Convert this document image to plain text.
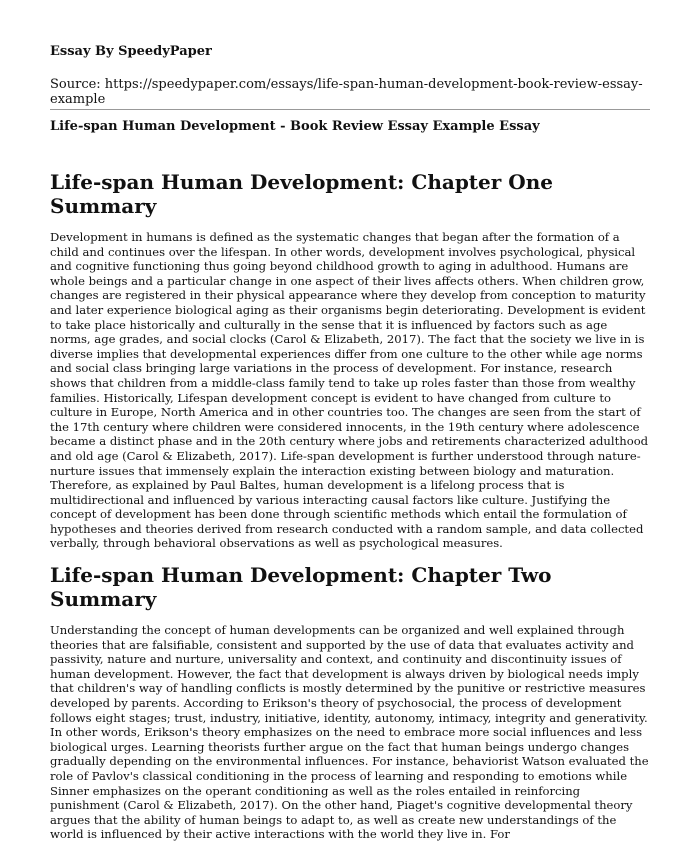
Essay By SpeedyPaper
Source: https://speedypaper.com/essays/life-span-human-development-book-review-essay-example
Life-span Human Development - Book Review Essay Example Essay
Life-span Human Development: Chapter One Summary

Development in humans is defined as the systematic changes that began after the formation of a child and continues over the lifespan. In other words, development involves psychological, physical and cognitive functioning thus going beyond childhood growth to aging in adulthood. Humans are whole beings and a particular change in one aspect of their lives affects others. When children grow, changes are registered in their physical appearance where they develop from conception to maturity and later experience biological aging as their organisms begin deteriorating. Development is evident to take place historically and culturally in the sense that it is influenced by factors such as age norms, age grades, and social clocks (Carol & Elizabeth, 2017). The fact that the society we live in is diverse implies that developmental experiences differ from one culture to the other while age norms and social class bringing large variations in the process of development. For instance, research shows that children from a middle-class family tend to take up roles faster than those from wealthy families. Historically, Lifespan development concept is evident to have changed from culture to culture in Europe, North America and in other countries too. The changes are seen from the start of the 17th century where children were considered innocents, in the 19th century where adolescence became a distinct phase and in the 20th century where jobs and retirements characterized adulthood and old age (Carol & Elizabeth, 2017). Life-span development is further understood through nature-nurture issues that immensely explain the interaction existing between biology and maturation. Therefore, as explained by Paul Baltes, human development is a lifelong process that is multidirectional and influenced by various interacting causal factors like culture. Justifying the concept of development has been done through scientific methods which entail the formulation of hypotheses and theories derived from research conducted with a random sample, and data collected verbally, through behavioral observations as well as psychological measures.

Life-span Human Development: Chapter Two Summary

Understanding the concept of human developments can be organized and well explained through theories that are falsifiable, consistent and supported by the use of data that evaluates activity and passivity, nature and nurture, universality and context, and continuity and discontinuity issues of human development. However, the fact that development is always driven by biological needs imply that children's way of handling conflicts is mostly determined by the punitive or restrictive measures developed by parents. According to Erikson's theory of psychosocial, the process of development follows eight stages; trust, industry, initiative, identity, autonomy, intimacy, integrity and generativity. In other words, Erikson's theory emphasizes on the need to embrace more social influences and less biological urges. Learning theorists further argue on the fact that human beings undergo changes gradually depending on the environmental influences. For instance, behaviorist Watson evaluated the role of Pavlov's classical conditioning in the process of learning and responding to emotions while Sinner emphasizes on the operant conditioning as well as the roles entailed in reinforcing punishment (Carol & Elizabeth, 2017). On the other hand, Piaget's cognitive developmental theory argues that the ability of human beings to adapt to, as well as create new understandings of the world is influenced by their active interactions with the world they live in. For
